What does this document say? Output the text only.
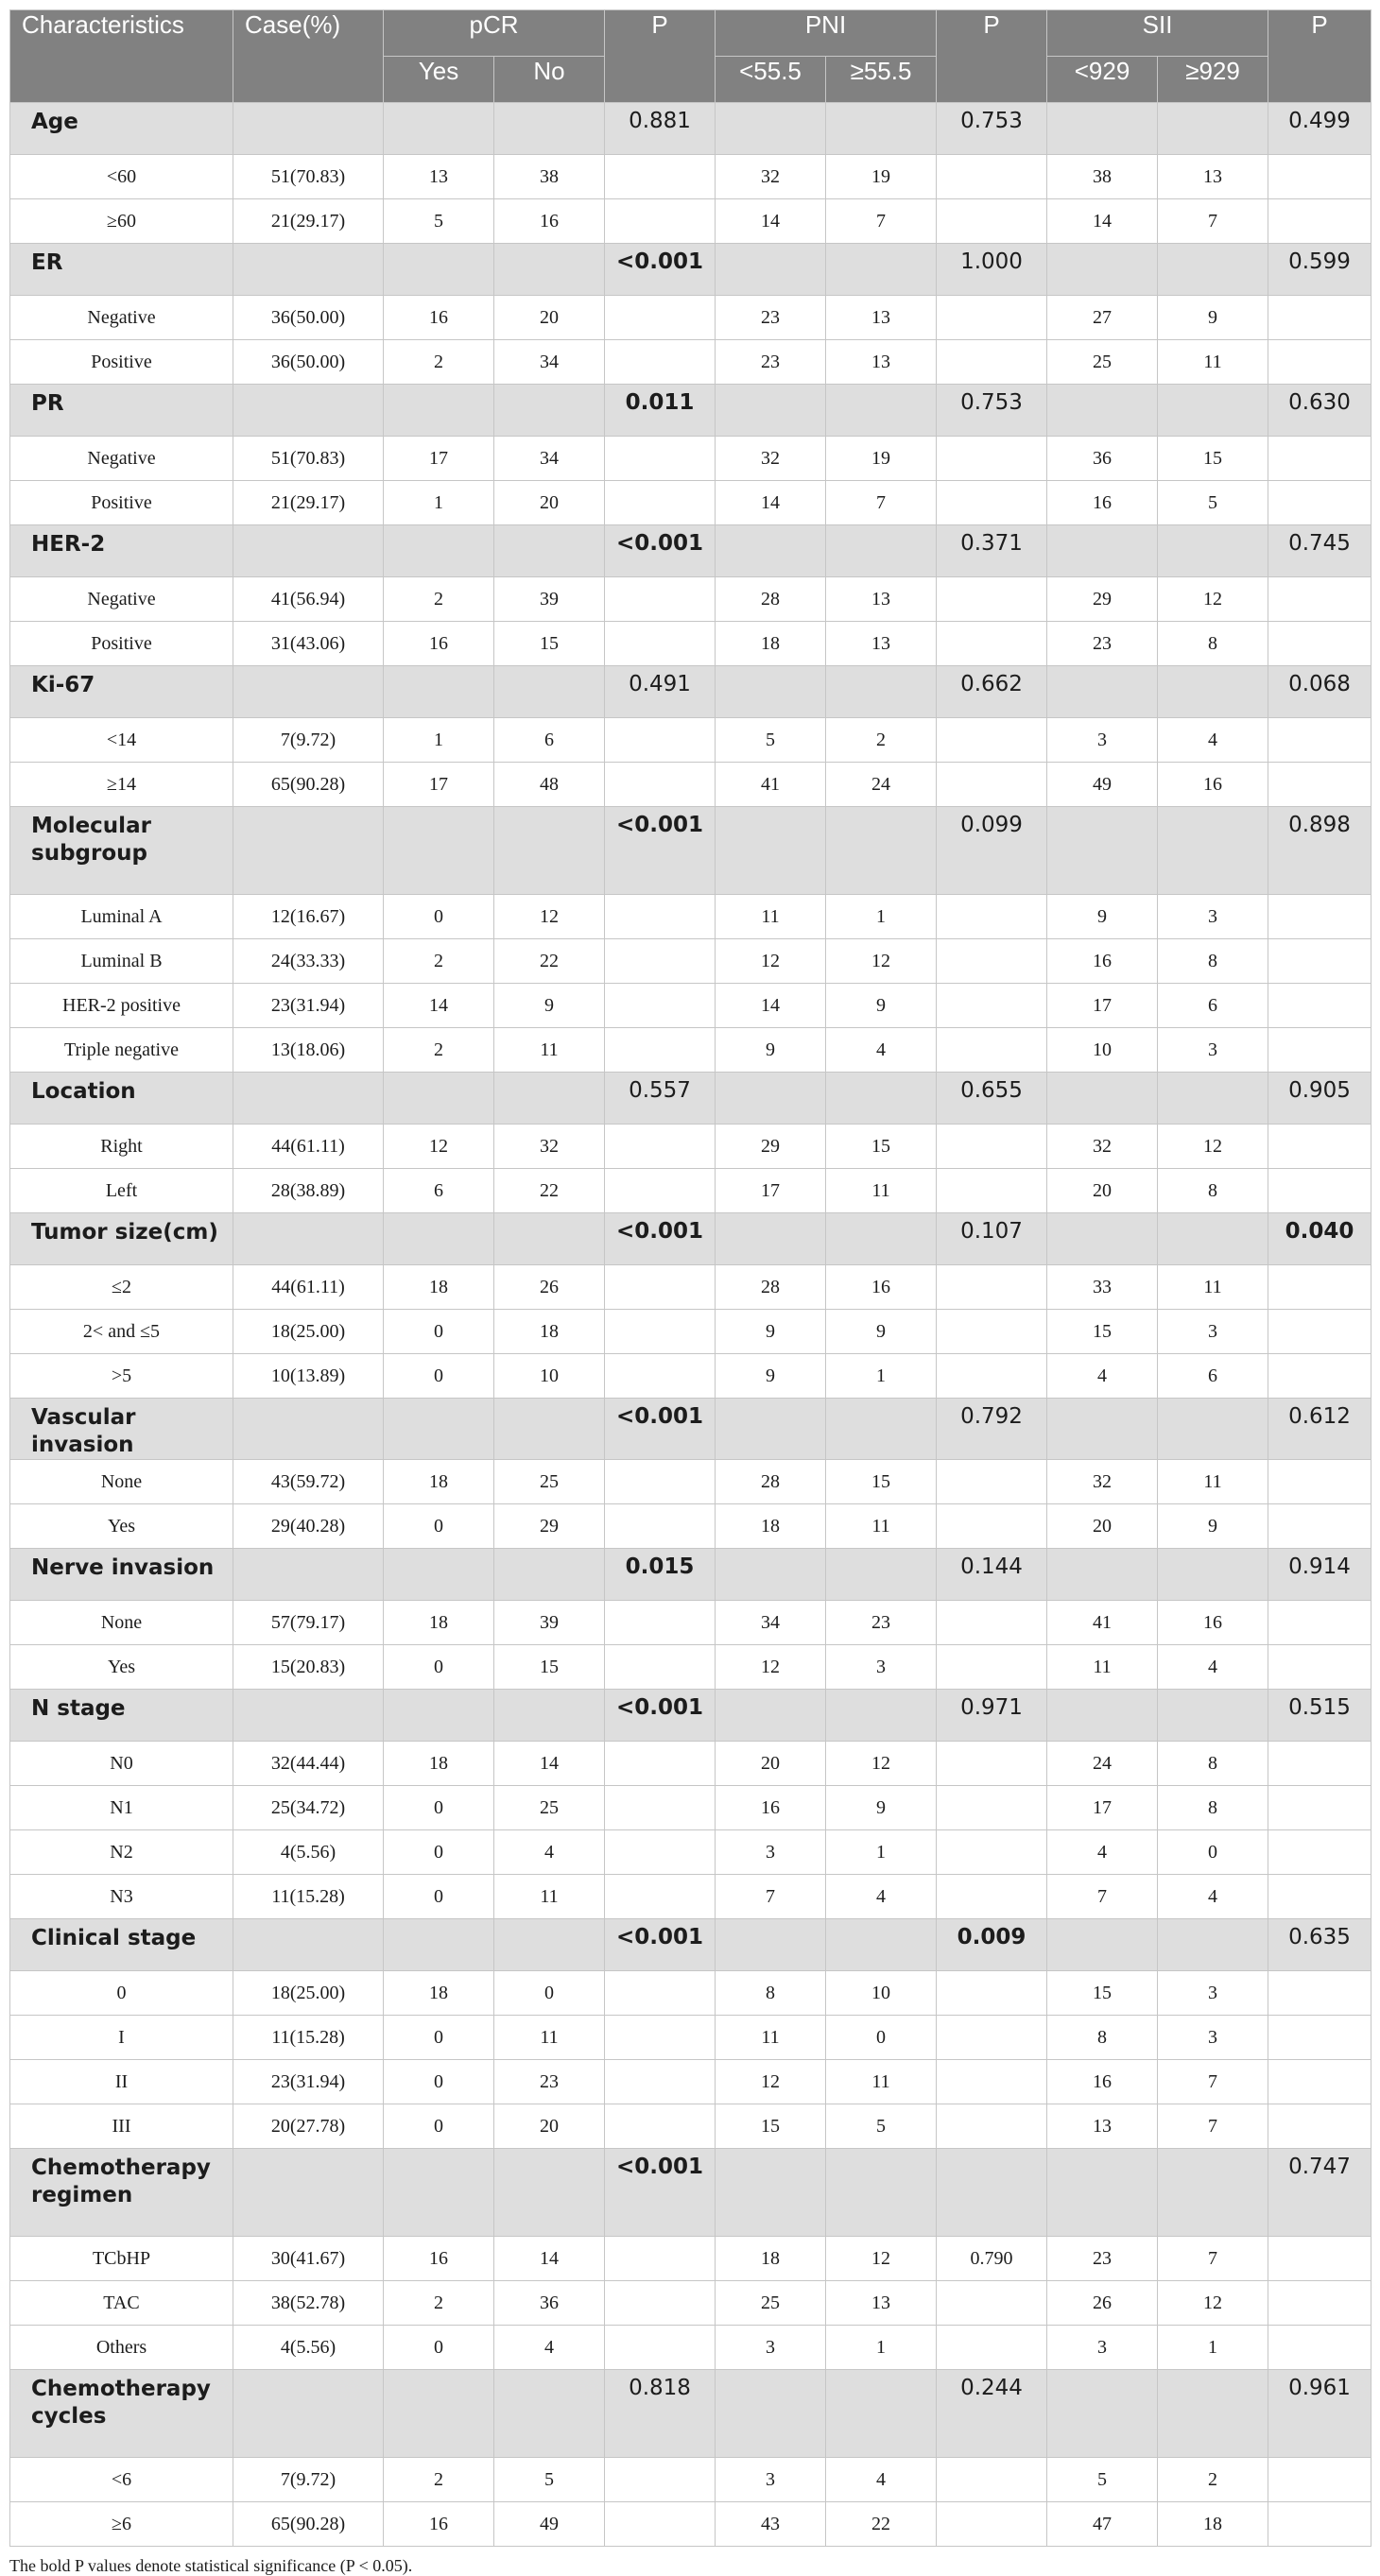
Characteristics	Case(%)	pCR		P	PNI		P	SII		P
		Yes	No		<55.5	≥55.5		<929	≥929	
Age				0.881			0.753			0.499
<60	51(70.83)	13	38		32	19		38	13	
≥60	21(29.17)	5	16		14	7		14	7	
ER				<0.001			1.000			0.599
Negative	36(50.00)	16	20		23	13		27	9	
Positive	36(50.00)	2	34		23	13		25	11	
PR				0.011			0.753			0.630
Negative	51(70.83)	17	34		32	19		36	15	
Positive	21(29.17)	1	20		14	7		16	5	
HER-2				<0.001			0.371			0.745
Negative	41(56.94)	2	39		28	13		29	12	
Positive	31(43.06)	16	15		18	13		23	8	
Ki-67				0.491			0.662			0.068
<14	7(9.72)	1	6		5	2		3	4	
≥14	65(90.28)	17	48		41	24		49	16	
Molecular subgroup				<0.001			0.099			0.898
Luminal A	12(16.67)	0	12		11	1		9	3	
Luminal B	24(33.33)	2	22		12	12		16	8	
HER-2 positive	23(31.94)	14	9		14	9		17	6	
Triple negative	13(18.06)	2	11		9	4		10	3	
Location				0.557			0.655			0.905
Right	44(61.11)	12	32		29	15		32	12	
Left	28(38.89)	6	22		17	11		20	8	
Tumor size(cm)				<0.001			0.107			0.040
≤2	44(61.11)	18	26		28	16		33	11	
2< and ≤5	18(25.00)	0	18		9	9		15	3	
>5	10(13.89)	0	10		9	1		4	6	
Vascular invasion				<0.001			0.792			0.612
None	43(59.72)	18	25		28	15		32	11	
Yes	29(40.28)	0	29		18	11		20	9	
Nerve invasion				0.015			0.144			0.914
None	57(79.17)	18	39		34	23		41	16	
Yes	15(20.83)	0	15		12	3		11	4	
N stage				<0.001			0.971			0.515
N0	32(44.44)	18	14		20	12		24	8	
N1	25(34.72)	0	25		16	9		17	8	
N2	4(5.56)	0	4		3	1		4	0	
N3	11(15.28)	0	11		7	4		7	4	
Clinical stage				<0.001			0.009			0.635
0	18(25.00)	18	0		8	10		15	3	
I	11(15.28)	0	11		11	0		8	3	
II	23(31.94)	0	23		12	11		16	7	
III	20(27.78)	0	20		15	5		13	7	
Chemotherapy regimen				<0.001						0.747
TCbHP	30(41.67)	16	14		18	12	0.790	23	7	
TAC	38(52.78)	2	36		25	13		26	12	
Others	4(5.56)	0	4		3	1		3	1	
Chemotherapy cycles				0.818			0.244			0.961
<6	7(9.72)	2	5		3	4		5	2	
≥6	65(90.28)	16	49		43	22		47	18	
The bold P values denote statistical significance (P < 0.05).
